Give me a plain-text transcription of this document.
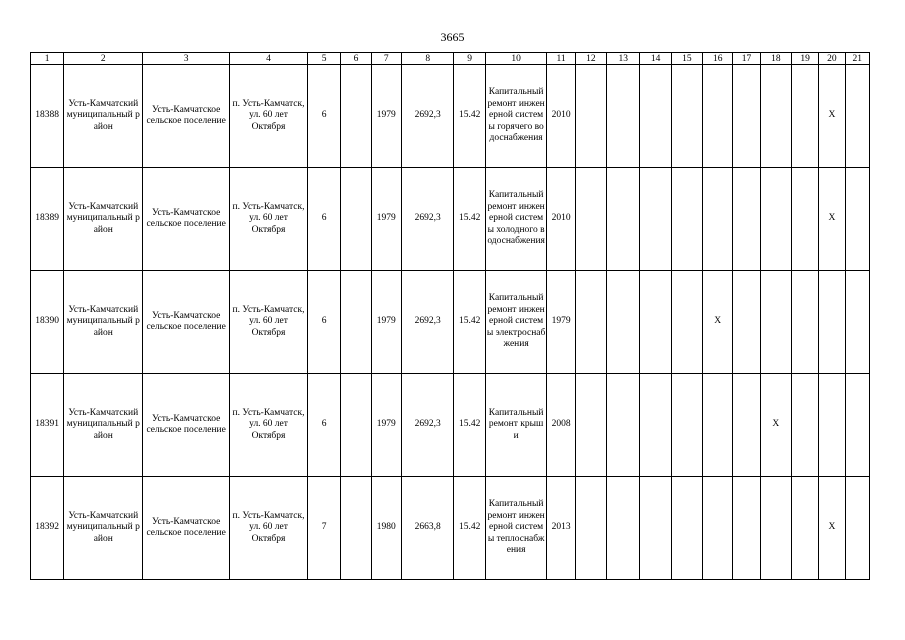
3665
1	2	3	4	5	6	7	8	9	10	11	12	13	14	15	16	17	18	19	20	21
18388	Усть-Камчатский муниципальный район	Усть-Камчатское сельское поселение	п. Усть-Камчатск, ул. 60 лет Октября	6		1979	2692,3	15.42	Капитальный ремонт инженерной системы горячего водоснабжения	2010									X	
18389	Усть-Камчатский муниципальный район	Усть-Камчатское сельское поселение	п. Усть-Камчатск, ул. 60 лет Октября	6		1979	2692,3	15.42	Капитальный ремонт инженерной системы холодного водоснабжения	2010									X	
18390	Усть-Камчатский муниципальный район	Усть-Камчатское сельское поселение	п. Усть-Камчатск, ул. 60 лет Октября	6		1979	2692,3	15.42	Капитальный ремонт инженерной системы электроснабжения	1979					X					
18391	Усть-Камчатский муниципальный район	Усть-Камчатское сельское поселение	п. Усть-Камчатск, ул. 60 лет Октября	6		1979	2692,3	15.42	Капитальный ремонт крыши	2008							X			
18392	Усть-Камчатский муниципальный район	Усть-Камчатское сельское поселение	п. Усть-Камчатск, ул. 60 лет Октября	7		1980	2663,8	15.42	Капитальный ремонт инженерной системы теплоснабжения	2013									X	
